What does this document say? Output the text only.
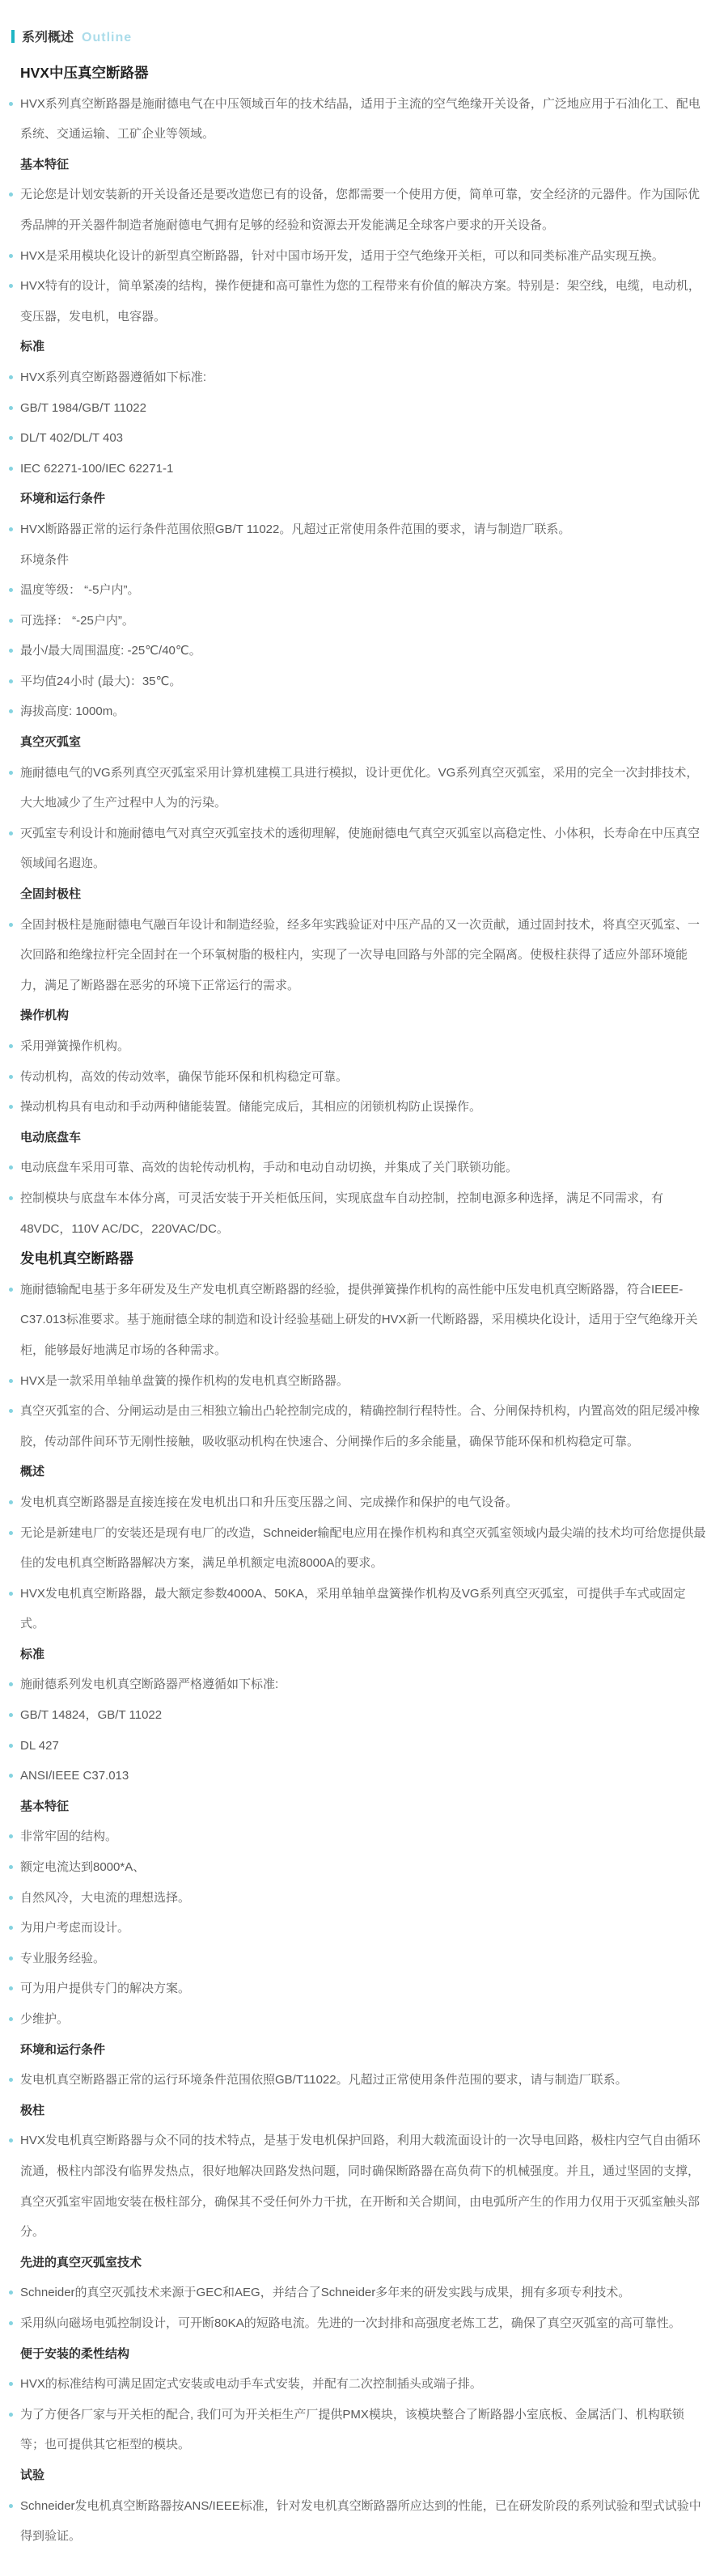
系列概述 Outline
HVX中压真空断路器
HVX系列真空断路器是施耐德电气在中压领域百年的技术结晶，适用于主流的空气绝缘开关设备，广泛地应用于石油化工、配电系统、交通运输、工矿企业等领域。
基本特征
无论您是计划安装新的开关设备还是要改造您已有的设备，您都需要一个使用方便，简单可靠，安全经济的元器件。作为国际优秀品牌的开关器件制造者施耐德电气拥有足够的经验和资源去开发能满足全球客户要求的开关设备。
HVX是采用模块化设计的新型真空断路器，针对中国市场开发，适用于空气绝缘开关柜，可以和同类标准产品实现互换。
HVX特有的设计，简单紧凑的结构，操作便捷和高可靠性为您的工程带来有价值的解决方案。特别是：架空线，电缆，电动机，变压器，发电机，电容器。
标准
HVX系列真空断路器遵循如下标准:
GB/T 1984/GB/T 11022
DL/T 402/DL/T 403
IEC 62271-100/IEC 62271-1
环境和运行条件
HVX断路器正常的运行条件范围依照GB/T 11022。凡超过正常使用条件范围的要求，请与制造厂联系。
环境条件
温度等级： “-5户内”。
可选择： “-25户内”。
最小/最大周围温度: -25℃/40℃。
平均值24小时 (最大)：35℃。
海拔高度: 1000m。
真空灭弧室
施耐德电气的VG系列真空灭弧室采用计算机建模工具进行模拟，设计更优化。VG系列真空灭弧室，采用的完全一次封排技术，大大地减少了生产过程中人为的污染。
灭弧室专利设计和施耐德电气对真空灭弧室技术的透彻理解，使施耐德电气真空灭弧室以高稳定性、小体积，长寿命在中压真空领域闻名遐迩。
全固封极柱
全固封极柱是施耐德电气融百年设计和制造经验，经多年实践验证对中压产品的又一次贡献，通过固封技术，将真空灭弧室、一次回路和绝缘拉杆完全固封在一个环氧树脂的极柱内，实现了一次导电回路与外部的完全隔离。使极柱获得了适应外部环境能力，满足了断路器在恶劣的环境下正常运行的需求。
操作机构
采用弹簧操作机构。
传动机构，高效的传动效率，确保节能环保和机构稳定可靠。
操动机构具有电动和手动两种储能装置。储能完成后，其相应的闭锁机构防止误操作。
电动底盘车
电动底盘车采用可靠、高效的齿轮传动机构，手动和电动自动切换，并集成了关门联锁功能。
控制模块与底盘车本体分离，可灵活安装于开关柜低压间，实现底盘车自动控制，控制电源多种选择，满足不同需求，有48VDC，110V AC/DC，220VAC/DC。
发电机真空断路器
施耐德输配电基于多年研发及生产发电机真空断路器的经验，提供弹簧操作机构的高性能中压发电机真空断路器，符合IEEE-C37.013标准要求。基于施耐德全球的制造和设计经验基础上研发的HVX新一代断路器，采用模块化设计，适用于空气绝缘开关柜，能够最好地满足市场的各种需求。
HVX是一款采用单轴单盘簧的操作机构的发电机真空断路器。
真空灭弧室的合、分闸运动是由三相独立输出凸轮控制完成的，精确控制行程特性。合、分闸保持机构，内置高效的阻尼缓冲橡胶，传动部件间环节无刚性接触，吸收驱动机构在快速合、分闸操作后的多余能量，确保节能环保和机构稳定可靠。
概述
发电机真空断路器是直接连接在发电机出口和升压变压器之间、完成操作和保护的电气设备。
无论是新建电厂的安装还是现有电厂的改造，Schneider输配电应用在操作机构和真空灭弧室领域内最尖端的技术均可给您提供最佳的发电机真空断路器解决方案，满足单机额定电流8000A的要求。
HVX发电机真空断路器，最大额定参数4000A、50KA，采用单轴单盘簧操作机构及VG系列真空灭弧室，可提供手车式或固定式。
标准
施耐德系列发电机真空断路器严格遵循如下标准:
GB/T 14824，GB/T 11022
DL 427
ANSI/IEEE C37.013
基本特征
非常牢固的结构。
额定电流达到8000*A、
自然风冷，大电流的理想选择。
为用户考虑而设计。
专业服务经验。
可为用户提供专门的解决方案。
少维护。
环境和运行条件
发电机真空断路器正常的运行环境条件范围依照GB/T11022。凡超过正常使用条件范围的要求，请与制造厂联系。
极柱
HVX发电机真空断路器与众不同的技术特点，是基于发电机保护回路，利用大载流面设计的一次导电回路，极柱内空气自由循环流通，极柱内部没有临界发热点，很好地解决回路发热问题，同时确保断路器在高负荷下的机械强度。并且，通过坚固的支撑，真空灭弧室牢固地安装在极柱部分，确保其不受任何外力干扰，在开断和关合期间，由电弧所产生的作用力仅用于灭弧室触头部分。
先进的真空灭弧室技术
Schneider的真空灭弧技术来源于GEC和AEG，并结合了Schneider多年来的研发实践与成果，拥有多项专利技术。
采用纵向磁场电弧控制设计，可开断80KA的短路电流。先进的一次封排和高强度老炼工艺，确保了真空灭弧室的高可靠性。
便于安装的柔性结构
HVX的标准结构可满足固定式安装或电动手车式安装，并配有二次控制插头或端子排。
为了方便各厂家与开关柜的配合, 我们可为开关柜生产厂提供PMX模块，该模块整合了断路器小室底板、金属活门、机构联锁等；也可提供其它柜型的模块。
试验
Schneider发电机真空断路器按ANS/IEEE标准，针对发电机真空断路器所应达到的性能，已在研发阶段的系列试验和型式试验中得到验证。
